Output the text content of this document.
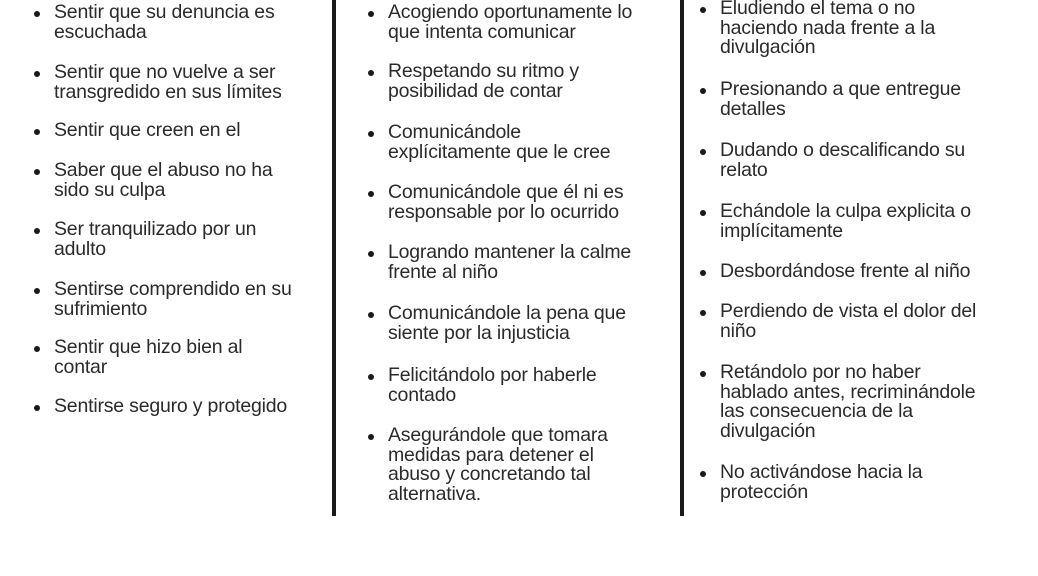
Sentir que su denuncia es
escuchada
Sentir que no vuelve a ser
transgredido en sus límites
Sentir que creen en el
Saber que el abuso no ha
sido su culpa
Ser tranquilizado por un
adulto
Sentirse comprendido en su
sufrimiento
Sentir que hizo bien al
contar
Sentirse seguro y protegido
Acogiendo oportunamente lo
que intenta comunicar
Respetando su ritmo y
posibilidad de contar
Comunicándole
explícitamente que le cree
Comunicándole que él ni es
responsable por lo ocurrido
Logrando mantener la calme
frente al niño
Comunicándole la pena que
siente por la injusticia
Felicitándolo por haberle
contado
Asegurándole que tomara
medidas para detener el
abuso y concretando tal
alternativa.
Eludiendo el tema o no
haciendo nada frente a la
divulgación
Presionando a que entregue
detalles
Dudando o descalificando su
relato
Echándole la culpa explicita o
implícitamente
Desbordándose frente al niño
Perdiendo de vista el dolor del
niño
Retándolo por no haber
hablado antes, recriminándole
las consecuencia de la
divulgación
No activándose hacia la
protección
